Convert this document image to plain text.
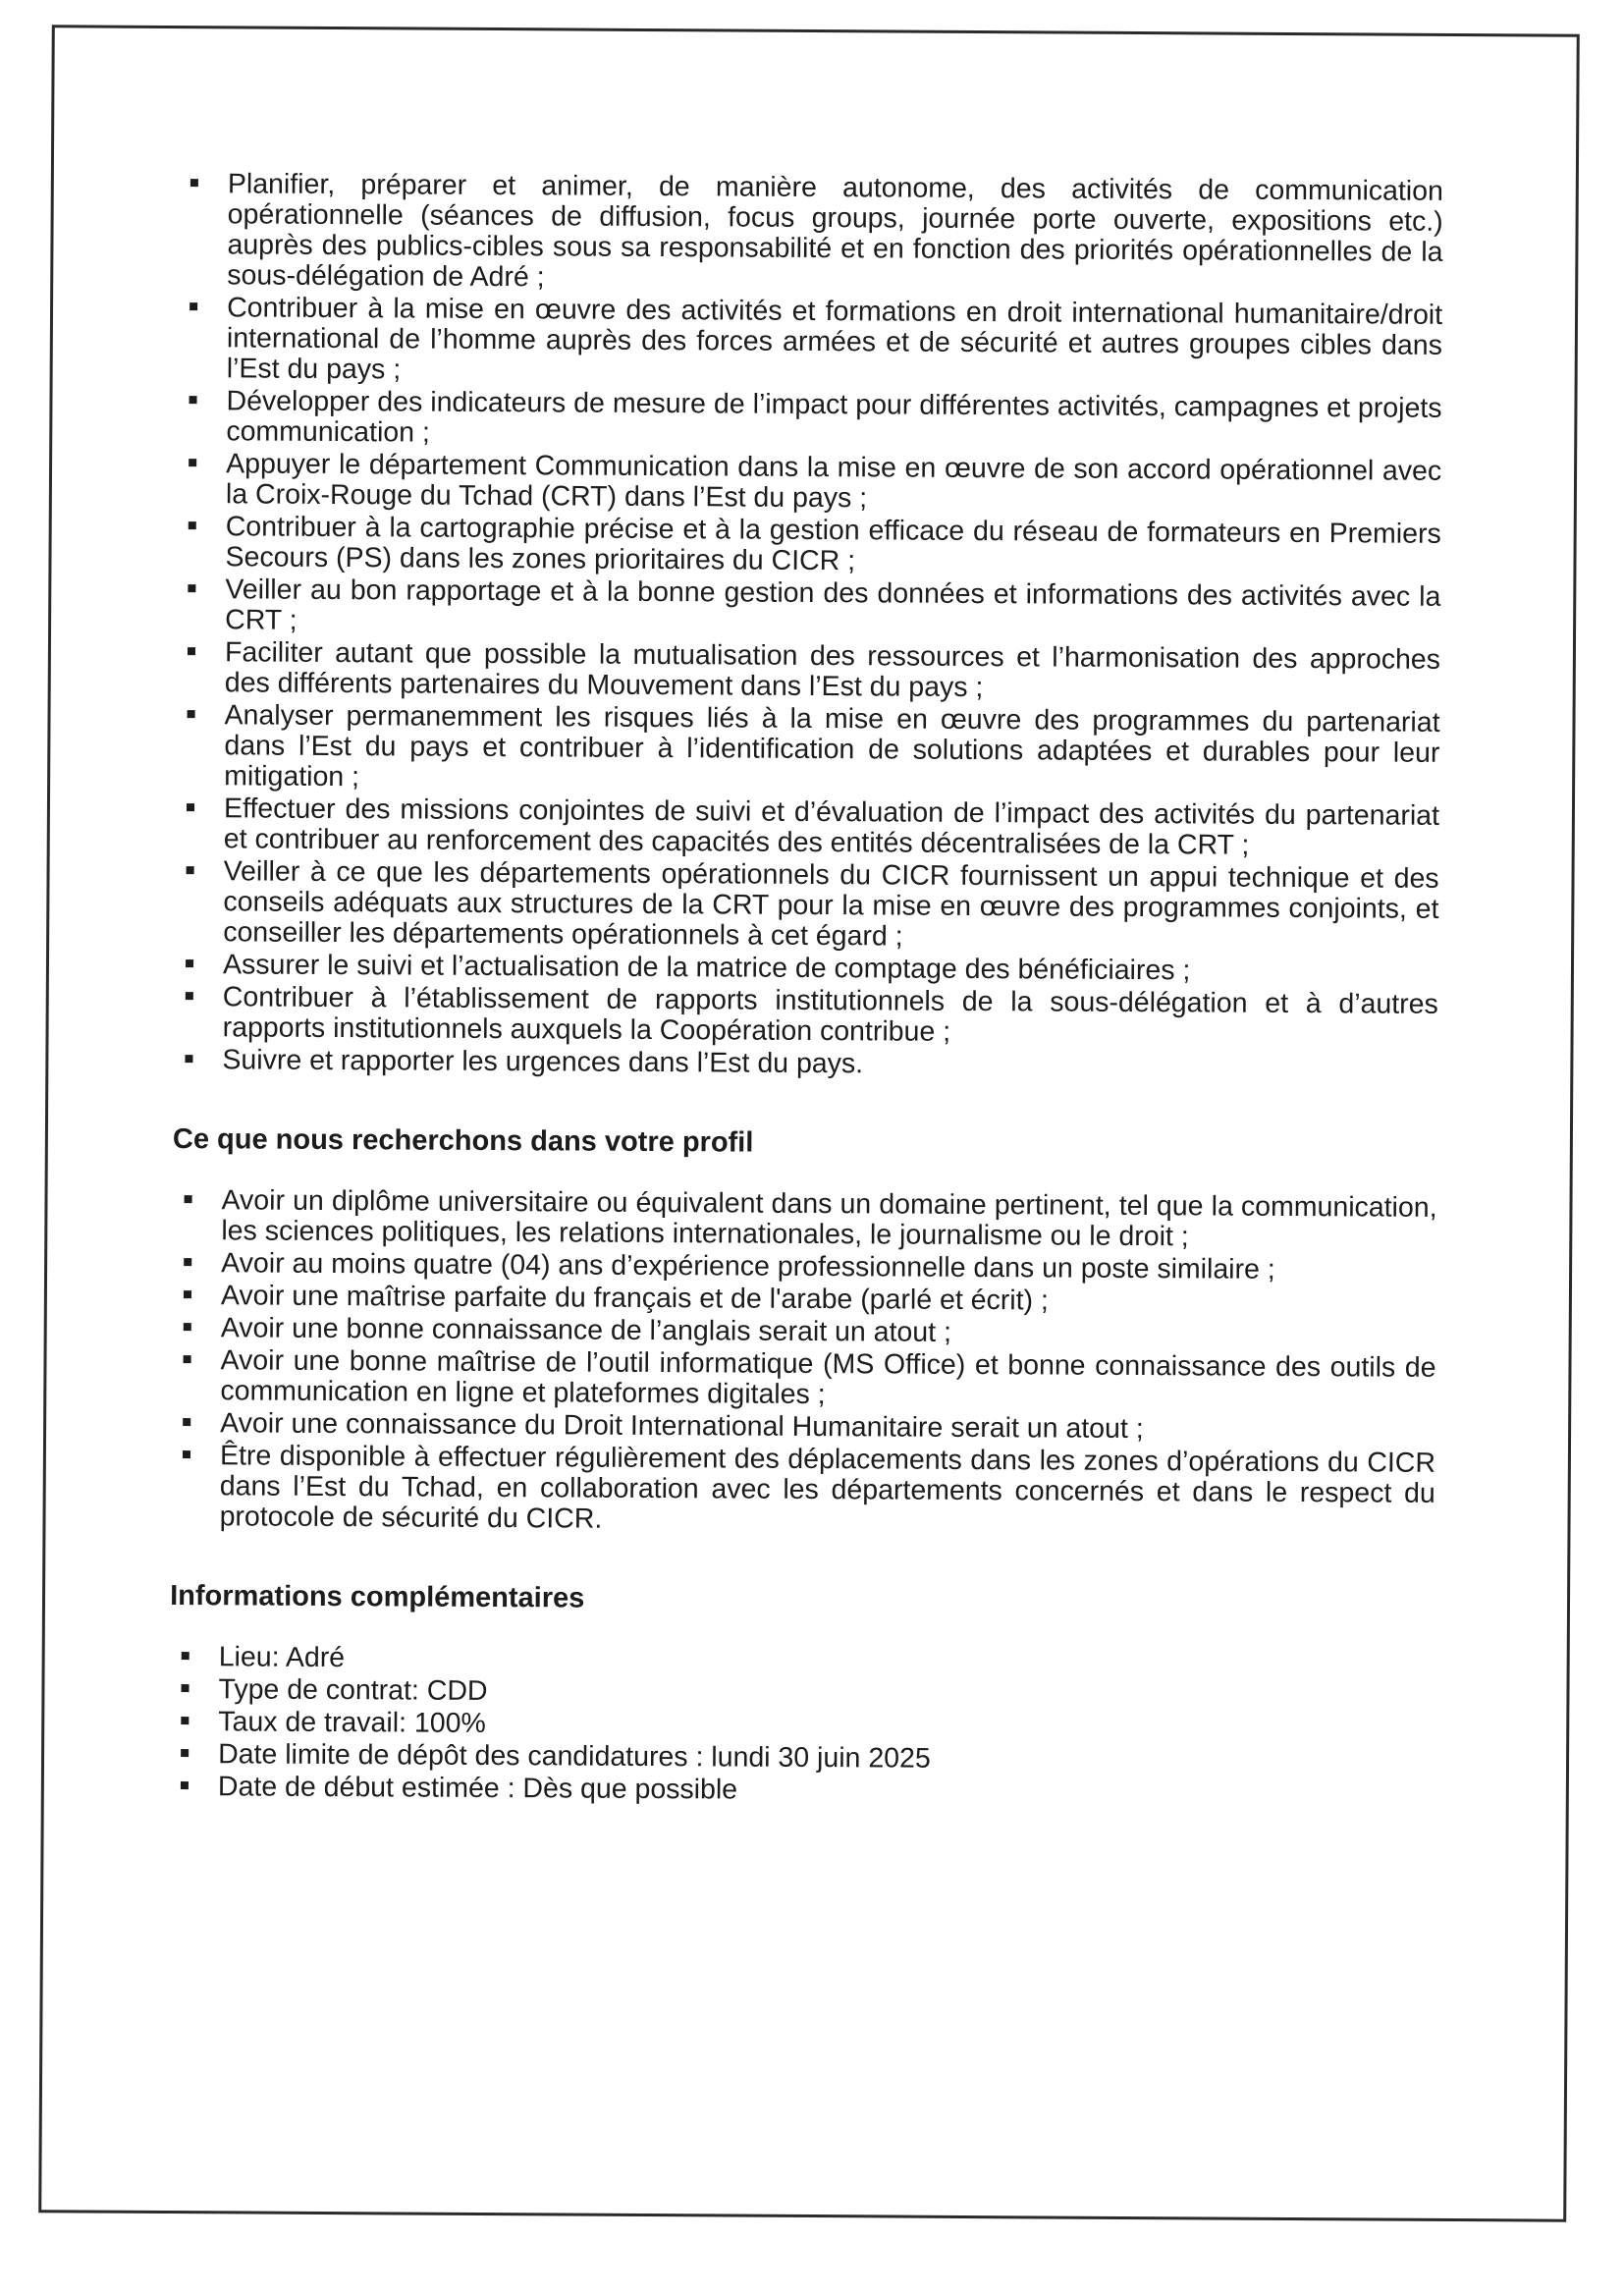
Planifier, préparer et animer, de manière autonome, des activités de communication opérationnelle (séances de diffusion, focus groups, journée porte ouverte, expositions etc.) auprès des publics-cibles sous sa responsabilité et en fonction des priorités opérationnelles de la sous-délégation de Adré ;
Contribuer à la mise en œuvre des activités et formations en droit international humanitaire/droit international de l’homme auprès des forces armées et de sécurité et autres groupes cibles dans l’Est du pays ;
Développer des indicateurs de mesure de l’impact pour différentes activités, campagnes et projets communication ;
Appuyer le département Communication dans la mise en œuvre de son accord opérationnel avec la Croix-Rouge du Tchad (CRT) dans l’Est du pays ;
Contribuer à la cartographie précise et à la gestion efficace du réseau de formateurs en Premiers Secours (PS) dans les zones prioritaires du CICR ;
Veiller au bon rapportage et à la bonne gestion des données et informations des activités avec la CRT ;
Faciliter autant que possible la mutualisation des ressources et l’harmonisation des approches des différents partenaires du Mouvement dans l’Est du pays ;
Analyser permanemment les risques liés à la mise en œuvre des programmes du partenariat dans l’Est du pays et contribuer à l’identification de solutions adaptées et durables pour leur mitigation ;
Effectuer des missions conjointes de suivi et d’évaluation de l’impact des activités du partenariat et contribuer au renforcement des capacités des entités décentralisées de la CRT ;
Veiller à ce que les départements opérationnels du CICR fournissent un appui technique et des conseils adéquats aux structures de la CRT pour la mise en œuvre des programmes conjoints, et conseiller les départements opérationnels à cet égard ;
Assurer le suivi et l’actualisation de la matrice de comptage des bénéficiaires ;
Contribuer à l’établissement de rapports institutionnels de la sous-délégation et à d’autres rapports institutionnels auxquels la Coopération contribue ;
Suivre et rapporter les urgences dans l’Est du pays.
Ce que nous recherchons dans votre profil
Avoir un diplôme universitaire ou équivalent dans un domaine pertinent, tel que la communication, les sciences politiques, les relations internationales, le journalisme ou le droit ;
Avoir au moins quatre (04) ans d’expérience professionnelle dans un poste similaire ;
Avoir une maîtrise parfaite du français et de l'arabe (parlé et écrit) ;
Avoir une bonne connaissance de l’anglais serait un atout ;
Avoir une bonne maîtrise de l’outil informatique (MS Office) et bonne connaissance des outils de communication en ligne et plateformes digitales ;
Avoir une connaissance du Droit International Humanitaire serait un atout ;
Être disponible à effectuer régulièrement des déplacements dans les zones d’opérations du CICR dans l’Est du Tchad, en collaboration avec les départements concernés et dans le respect du protocole de sécurité du CICR.
Informations complémentaires
Lieu: Adré
Type de contrat: CDD
Taux de travail: 100%
Date limite de dépôt des candidatures : lundi 30 juin 2025
Date de début estimée : Dès que possible
